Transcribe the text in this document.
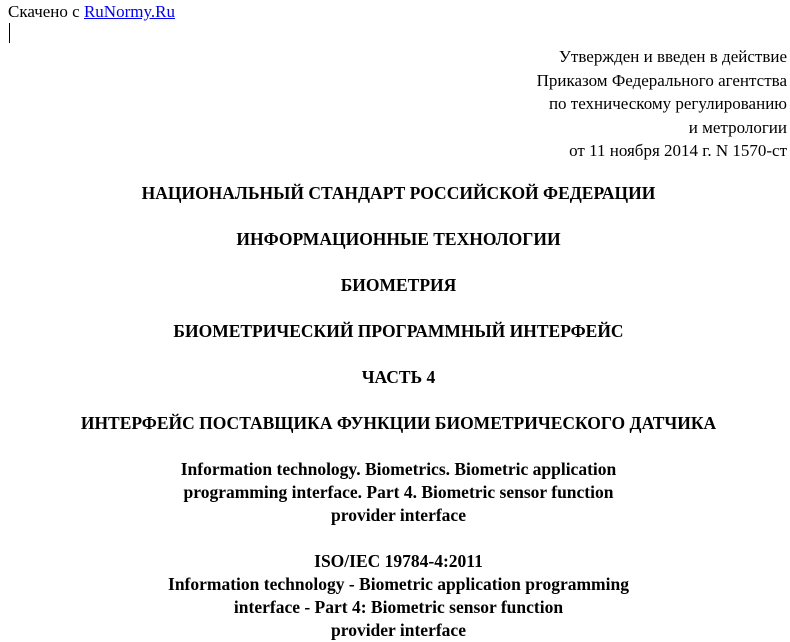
Скачено с RuNormy.Ru
Утвержден и введен в действие
Приказом Федерального агентства
по техническому регулированию
и метрологии
от 11 ноября 2014 г. N 1570-ст
НАЦИОНАЛЬНЫЙ СТАНДАРТ РОССИЙСКОЙ ФЕДЕРАЦИИ
ИНФОРМАЦИОННЫЕ ТЕХНОЛОГИИ
БИОМЕТРИЯ
БИОМЕТРИЧЕСКИЙ ПРОГРАММНЫЙ ИНТЕРФЕЙС
ЧАСТЬ 4
ИНТЕРФЕЙС ПОСТАВЩИКА ФУНКЦИИ БИОМЕТРИЧЕСКОГО ДАТЧИКА
Information technology. Biometrics. Biometric application
programming interface. Part 4. Biometric sensor function
provider interface
ISO/IEC 19784-4:2011
Information technology - Biometric application programming
interface - Part 4: Biometric sensor function
provider interface
